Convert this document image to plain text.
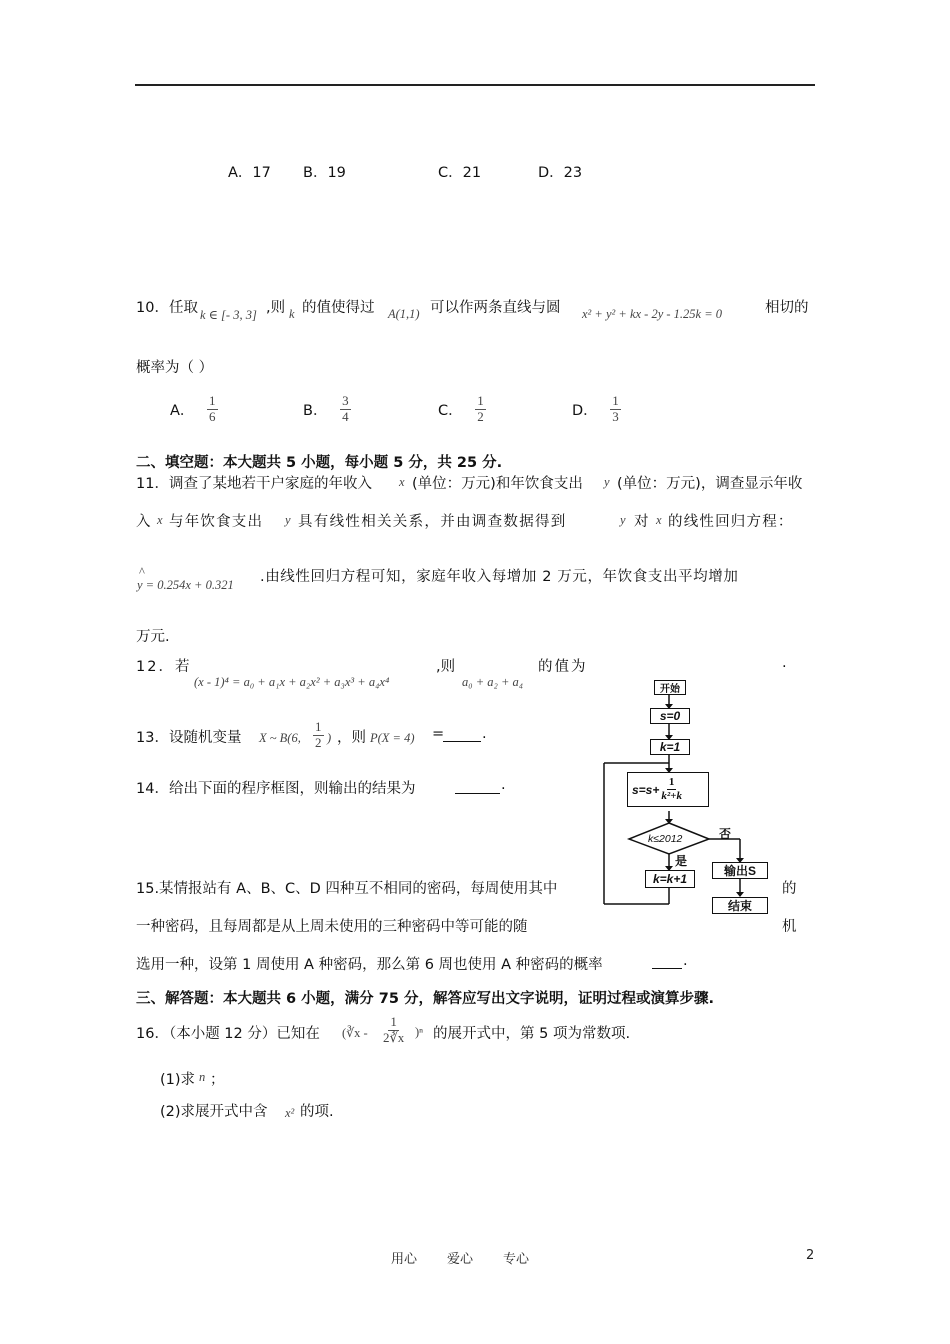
A．17 B．19	C．21	D．23
10．任取 k ∈ [- 3, 3] ,则 k 的值使得过 A(1,1) 可以作两条直线与圆 x² + y² + kx - 2y - 1.25k = 0	相切的
概率为（ ）
A． $\frac{1}{6}$	B． $\frac{3}{4}$	C． $\frac{1}{2}$	D． $\frac{1}{3}$
二、填空题：本大题共 5 小题，每小题 5 分，共 25 分.
11．调查了某地若干户家庭的年收入 x (单位：万元)和年饮食支出 y (单位：万元)，调查显示年收
入 x 与年饮食支出 y 具有线性相关关系，并由调查数据得到	y 对 x 的线性回归方程：
^
y = 0.254x + 0.321 .由线性回归方程可知，家庭年收入每增加 2 万元，年饮食支出平均增加
万元.
12．若
(x - 1)⁴ = a₀ + a₁x + a₂x² + a₃x³ + a₄x⁴
,则
a₀ + a₂ + a₄
的值为	.
13．设随机变量 X ~ B(6, $\frac{1}{2}$ ) ，则 P(X = 4) =	.
14．给出下面的程序框图，则输出的结果为	.
15.某情报站有 A、B、C、D 四种互不相同的密码，每周使用其中	的
一种密码，且每周都是从上周未使用的三种密码中等可能的随	机
选用一种，设第 1 周使用 A 种密码，那么第 6 周也使用 A 种密码的概率	.
三、解答题：本大题共 6 小题，满分 75 分，解答应写出文字说明，证明过程或演算步骤.
16．（本小题 12 分）已知在 (∛x - $\frac{1}{2∛x} )^n$ 的展开式中，第 5 项为常数项.
(1)求 n ；
(2)求展开式中含 x² 的项.
开始
s=0
k=1
$s=s+ \frac{1}{\text{k²+k}}$
k≤2012	否
是
k=k+1
输出S
结束
用心 爱心 专心	2
